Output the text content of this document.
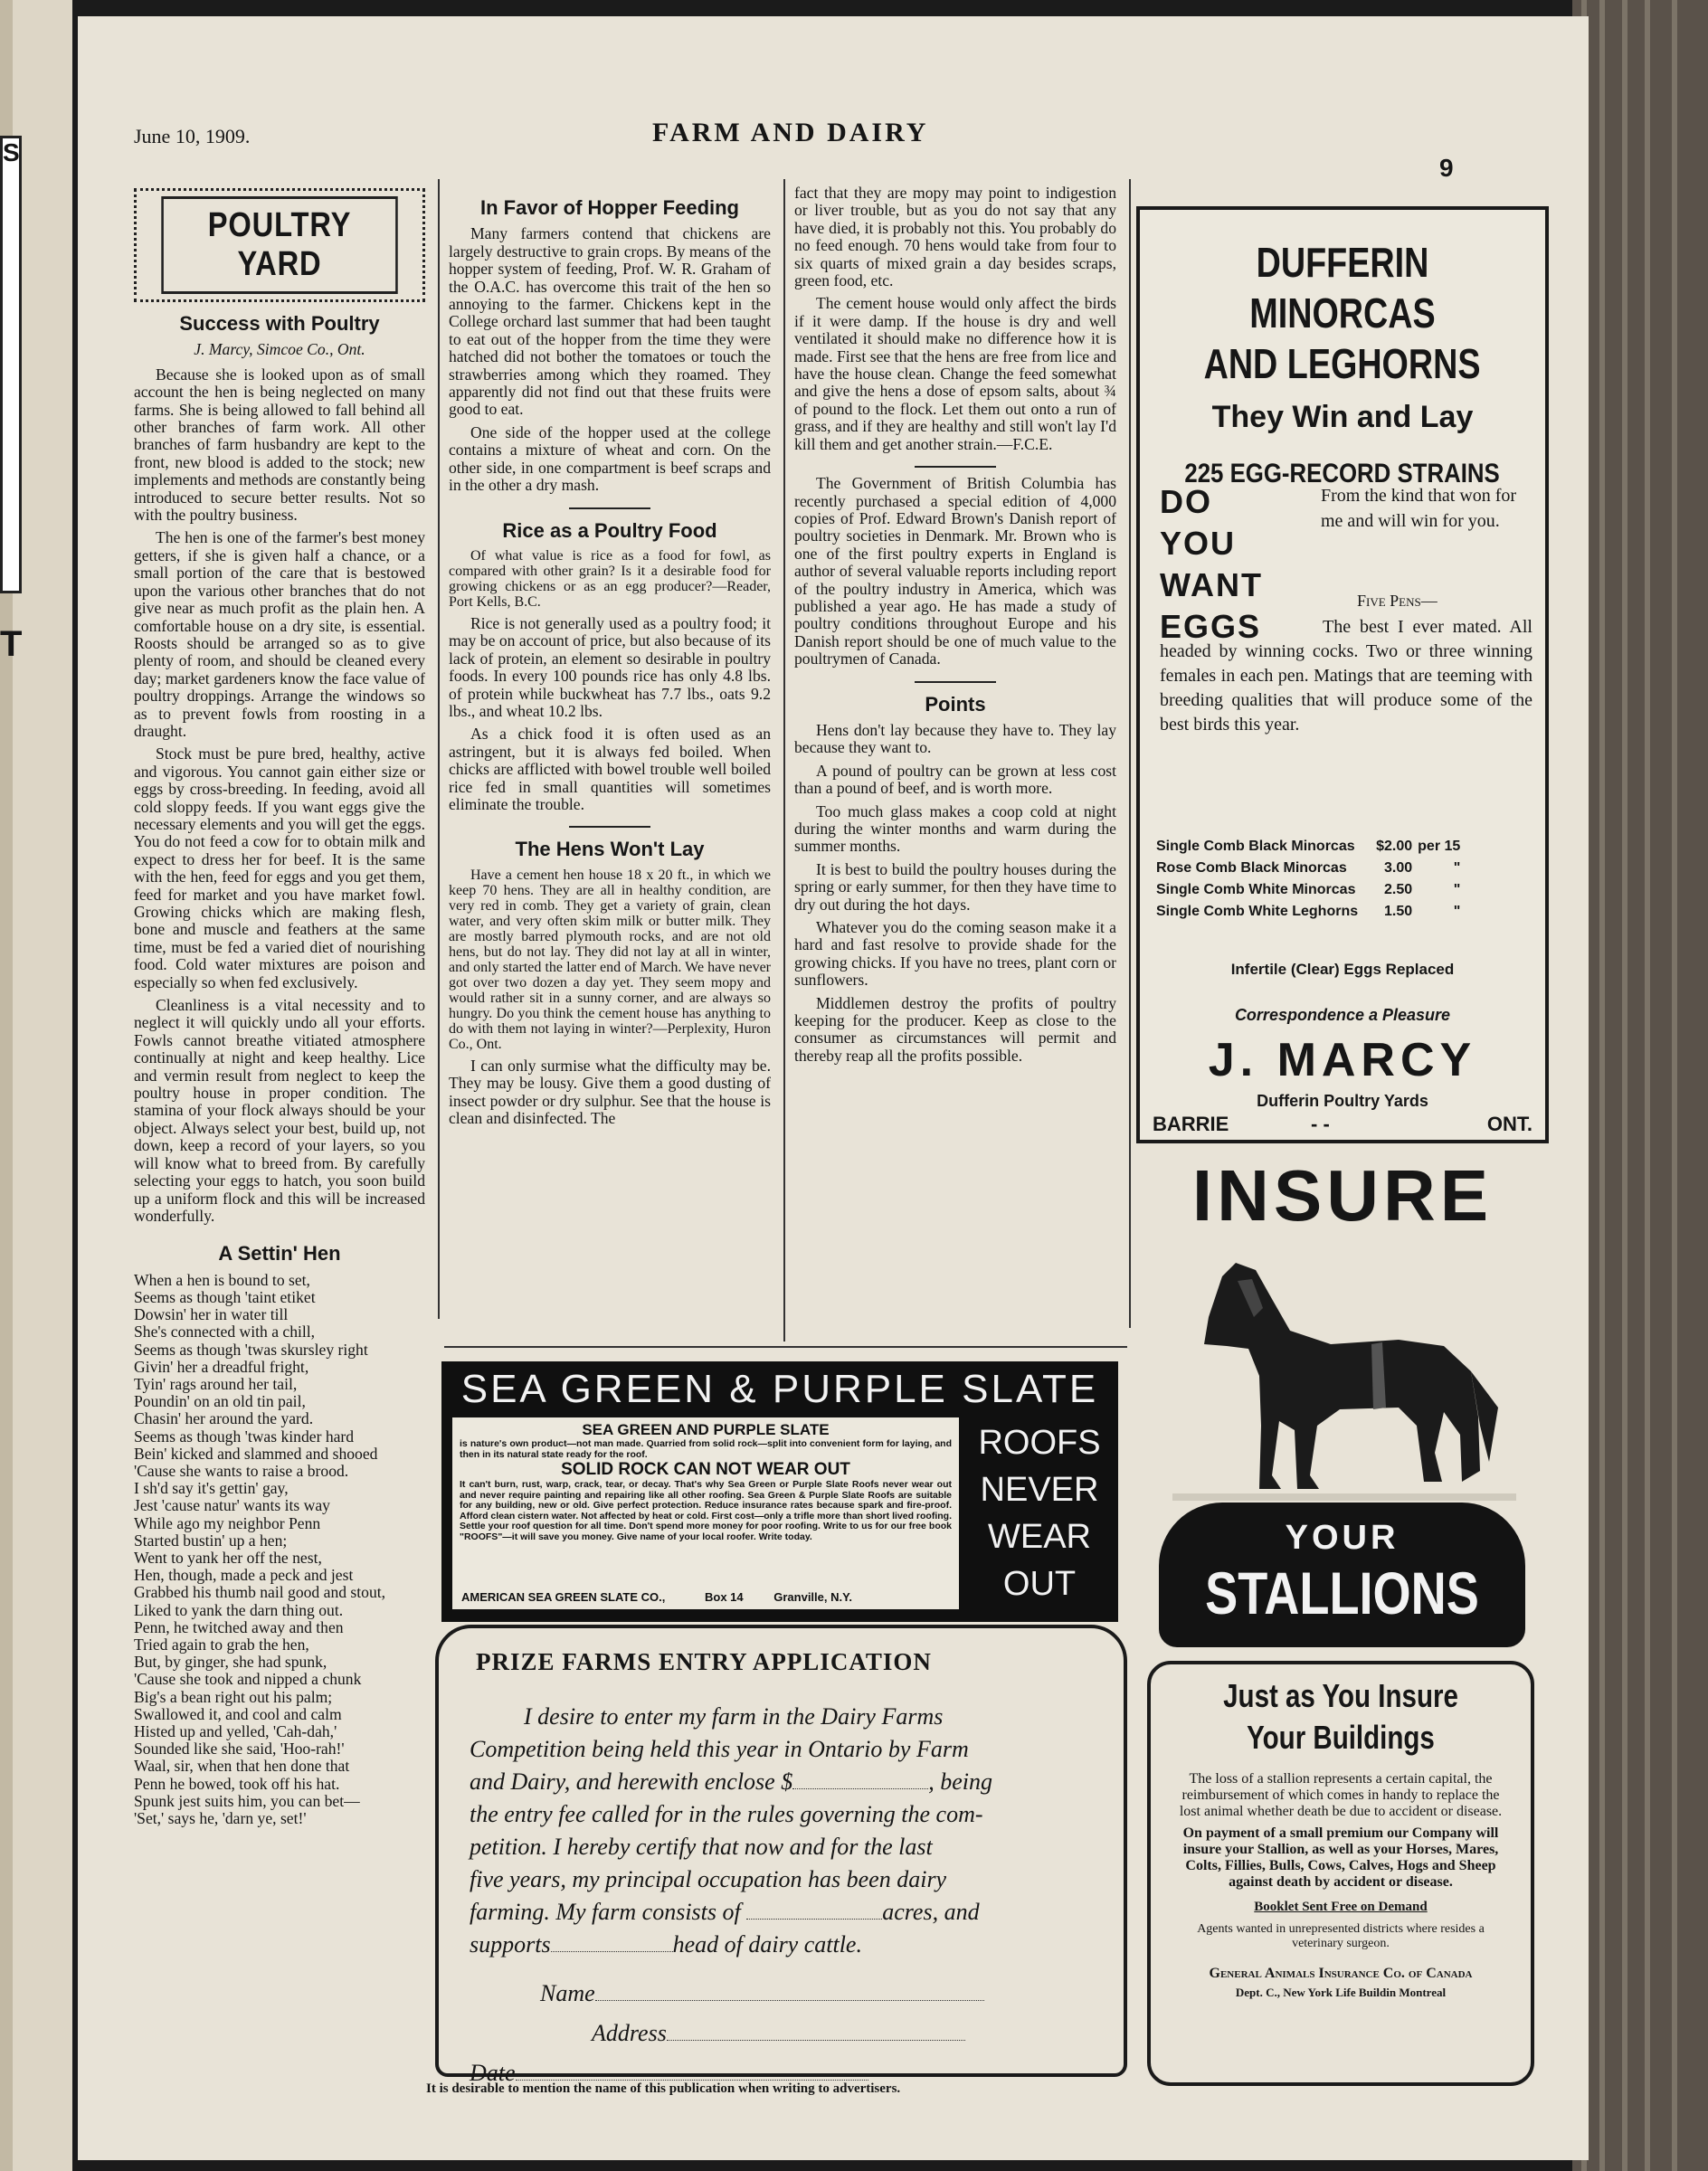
S
T
June 10, 1909.	FARM AND DAIRY
9
POULTRY YARD
Success with Poultry
J. Marcy, Simcoe Co., Ont.

Because she is looked upon as of small account the hen is being neglected on many farms. She is being allowed to fall behind all other branches of farm work. All other branches of farm husbandry are kept to the front, new blood is added to the stock; new implements and methods are constantly being introduced to secure better results. Not so with the poultry business.

The hen is one of the farmer's best money getters, if she is given half a chance, or a small portion of the care that is bestowed upon the various other branches that do not give near as much profit as the plain hen. A comfortable house on a dry site, is essential. Roosts should be arranged so as to give plenty of room, and should be cleaned every day; market gardeners know the face value of poultry droppings. Arrange the windows so as to prevent fowls from roosting in a draught.

Stock must be pure bred, healthy, active and vigorous. You cannot gain either size or eggs by cross-breeding. In feeding, avoid all cold sloppy feeds. If you want eggs give the necessary elements and you will get the eggs. You do not feed a cow for to obtain milk and expect to dress her for beef. It is the same with the hen, feed for eggs and you get them, feed for market and you have market fowl. Growing chicks which are making flesh, bone and muscle and feathers at the same time, must be fed a varied diet of nourishing food. Cold water mixtures are poison and especially so when fed exclusively.

Cleanliness is a vital necessity and to neglect it will quickly undo all your efforts. Fowls cannot breathe vitiated atmosphere continually at night and keep healthy. Lice and vermin result from neglect to keep the poultry house in proper condition. The stamina of your flock always should be your object. Always select your best, build up, not down, keep a record of your layers, so you will know what to breed from. By carefully selecting your eggs to hatch, you soon build up a uniform flock and this will be increased wonderfully.

A Settin' Hen
When a hen is bound to set,
Seems as though 'taint etiket
Dowsin' her in water till
She's connected with a chill,
Seems as though 'twas skursley right
Givin' her a dreadful fright,
Tyin' rags around her tail,
Poundin' on an old tin pail,
Chasin' her around the yard.
Seems as though 'twas kinder hard
Bein' kicked and slammed and shooed
'Cause she wants to raise a brood.
I sh'd say it's gettin' gay,
Jest 'cause natur' wants its way
While ago my neighbor Penn
Started bustin' up a hen;
Went to yank her off the nest,
Hen, though, made a peck and jest
Grabbed his thumb nail good and stout,
Liked to yank the darn thing out.
Penn, he twitched away and then
Tried again to grab the hen,
But, by ginger, she had spunk,
'Cause she took and nipped a chunk
Big's a bean right out his palm;
Swallowed it, and cool and calm
Histed up and yelled, 'Cah-dah,'
Sounded like she said, 'Hoo-rah!'
Waal, sir, when that hen done that
Penn he bowed, took off his hat.
Spunk jest suits him, you can bet—
'Set,' says he, 'darn ye, set!'
In Favor of Hopper Feeding

Many farmers contend that chickens are largely destructive to grain crops. By means of the hopper system of feeding, Prof. W. R. Graham of the O.A.C. has overcome this trait of the hen so annoying to the farmer. Chickens kept in the College orchard last summer that had been taught to eat out of the hopper from the time they were hatched did not bother the tomatoes or touch the strawberries among which they roamed. They apparently did not find out that these fruits were good to eat.

One side of the hopper used at the college contains a mixture of wheat and corn. On the other side, in one compartment is beef scraps and in the other a dry mash.

Rice as a Poultry Food

Of what value is rice as a food for fowl, as compared with other grain? Is it a desirable food for growing chickens or as an egg producer?—Reader, Port Kells, B.C.

Rice is not generally used as a poultry food; it may be on account of price, but also because of its lack of protein, an element so desirable in poultry foods. In every 100 pounds rice has only 4.8 lbs. of protein while buckwheat has 7.7 lbs., oats 9.2 lbs., and wheat 10.2 lbs.

As a chick food it is often used as an astringent, but it is always fed boiled. When chicks are afflicted with bowel trouble well boiled rice fed in small quantities will sometimes eliminate the trouble.

The Hens Won't Lay

Have a cement hen house 18 x 20 ft., in which we keep 70 hens. They are all in healthy condition, are very red in comb. They get a variety of grain, clean water, and very often skim milk or butter milk. They are mostly barred plymouth rocks, and are not old hens, but do not lay. They did not lay at all in winter, and only started the latter end of March. We have never got over two dozen a day yet. They seem mopy and would rather sit in a sunny corner, and are always so hungry. Do you think the cement house has anything to do with them not laying in winter?—Perplexity, Huron Co., Ont.

I can only surmise what the difficulty may be. They may be lousy. Give them a good dusting of insect powder or dry sulphur. See that the house is clean and disinfected. The

fact that they are mopy may point to indigestion or liver trouble, but as you do not say that any have died, it is probably not this. You probably do no feed enough. 70 hens would take from four to six quarts of mixed grain a day besides scraps, green food, etc.

The cement house would only affect the birds if it were damp. If the house is dry and well ventilated it should make no difference how it is made. First see that the hens are free from lice and have the house clean. Change the feed somewhat and give the hens a dose of epsom salts, about ¾ of pound to the flock. Let them out onto a run of grass, and if they are healthy and still won't lay I'd kill them and get another strain.—F.C.E.

The Government of British Columbia has recently purchased a special edition of 4,000 copies of Prof. Edward Brown's Danish report of poultry societies in Denmark. Mr. Brown who is one of the first poultry experts in England is author of several valuable reports including report of the poultry industry in America, which was published a year ago. He has made a study of poultry conditions throughout Europe and his Danish report should be one of much value to the poultrymen of Canada.

Points

Hens don't lay because they have to. They lay because they want to.

A pound of poultry can be grown at less cost than a pound of beef, and is worth more.

Too much glass makes a coop cold at night during the winter months and warm during the summer months.

It is best to build the poultry houses during the spring or early summer, for then they have time to dry out during the hot days.

Whatever you do the coming season make it a hard and fast resolve to provide shade for the growing chicks. If you have no trees, plant corn or sunflowers.

Middlemen destroy the profits of poultry keeping for the producer. Keep as close to the consumer as circumstances will permit and thereby reap all the profits possible.

SEA GREEN & PURPLE SLATE
SEA GREEN AND PURPLE SLATE
is nature's own product—not man made. Quarried from solid rock—split into convenient form for laying, and then in its natural state ready for the roof.
SOLID ROCK CAN NOT WEAR OUT
It can't burn, rust, warp, crack, tear, or decay. That's why Sea Green or Purple Slate Roofs never wear out and never require painting and repairing like all other roofing. Sea Green & Purple Slate Roofs are suitable for any building, new or old. Give perfect protection. Reduce insurance rates because spark and fire-proof. Afford clean cistern water. Not affected by heat or cold. First cost—only a trifle more than short lived roofing. Settle your roof question for all time. Don't spend more money for poor roofing. Write to us for our free book "ROOFS"—it will save you money. Give name of your local roofer. Write today.
AMERICAN SEA GREEN SLATE CO.,	Box 14	Granville, N.Y.
ROOFS
NEVER
WEAR
OUT
PRIZE FARMS ENTRY APPLICATION
I desire to enter my farm in the Dairy Farms
Competition being held this year in Ontario by Farm
and Dairy, and herewith enclose $	, being
the entry fee called for in the rules governing the com-
petition. I hereby certify that now and for the last
five years, my principal occupation has been dairy
farming. My farm consists of	acres, and
supports	head of dairy cattle.
Name
Address
Date
It is desirable to mention the name of this publication when writing to advertisers.
DUFFERIN MINORCAS
AND LEGHORNS
They Win and Lay
225 EGG-RECORD STRAINS
DO
YOU
WANT
EGGS
From the kind that won for me and will win for you.
Five Pens—
The best I ever mated. All headed by winning cocks. Two or three winning females in each pen. Matings that are teeming with breeding qualities that will produce some of the best birds this year.
Single Comb Black Minorcas	$2.00	per 15
Rose Comb Black Minorcas	3.00	"
Single Comb White Minorcas	2.50	"
Single Comb White Leghorns	1.50	"
Infertile (Clear) Eggs Replaced
Correspondence a Pleasure
J. MARCY
Dufferin Poultry Yards
BARRIE	- -	ONT.
INSURE
YOUR
STALLIONS
Just as You Insure
Your Buildings
The loss of a stallion represents a certain capital, the reimbursement of which comes in handy to replace the lost animal whether death be due to accident or disease.
On payment of a small premium our Company will insure your Stallion, as well as your Horses, Mares, Colts, Fillies, Bulls, Cows, Calves, Hogs and Sheep against death by accident or disease.
Booklet Sent Free on Demand
Agents wanted in unrepresented districts where resides a veterinary surgeon.
General Animals Insurance Co. of Canada
Dept. C., New York Life Buildin Montreal
